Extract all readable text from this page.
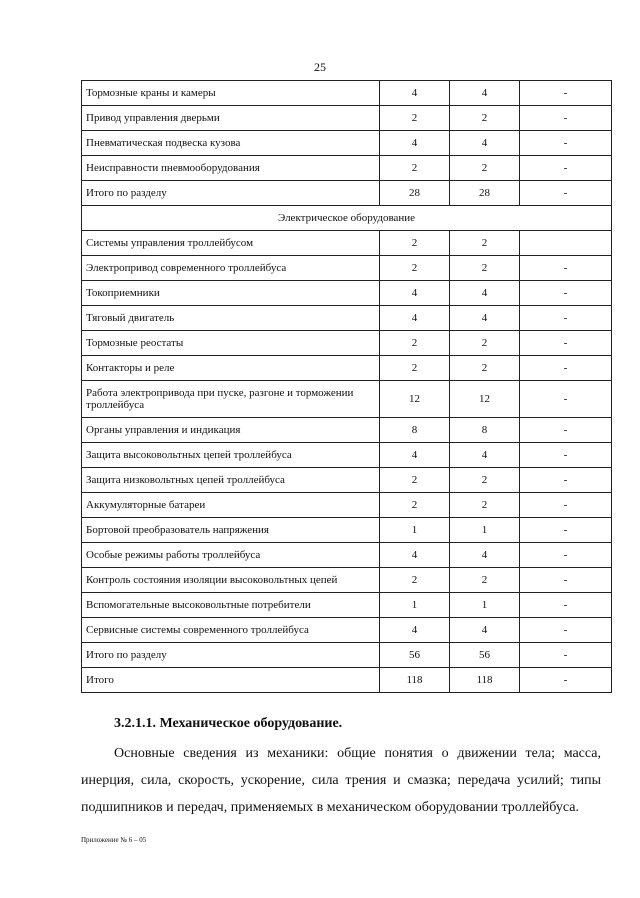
25
Тормозные краны и камеры	4	4	-
Привод управления дверьми	2	2	-
Пневматическая подвеска кузова	4	4	-
Неисправности пневмооборудования	2	2	-
Итого по разделу	28	28	-
Электрическое оборудование			
Системы управления троллейбусом	2	2	
Электропривод современного троллейбуса	2	2	-
Токоприемники	4	4	-
Тяговый двигатель	4	4	-
Тормозные реостаты	2	2	-
Контакторы и реле	2	2	-
Работа электропривода при пуске, разгоне и торможении троллейбуса	12	12	-
Органы управления и индикация	8	8	-
Защита высоковольтных цепей троллейбуса	4	4	-
Защита низковольтных цепей троллейбуса	2	2	-
Аккумуляторные батареи	2	2	-
Бортовой преобразователь напряжения	1	1	-
Особые режимы работы троллейбуса	4	4	-
Контроль состояния изоляции высоковольтных цепей	2	2	-
Вспомогательные высоковольтные потребители	1	1	-
Сервисные системы современного троллейбуса	4	4	-
Итого по разделу	56	56	-
Итого	118	118	-
3.2.1.1. Механическое оборудование.

Основные сведения из механики: общие понятия о движении тела; масса, инерция, сила, скорость, ускорение, сила трения и смазка; передача усилий; типы подшипников и передач, применяемых в механическом оборудовании троллейбуса.

Приложение № 6 – 05
